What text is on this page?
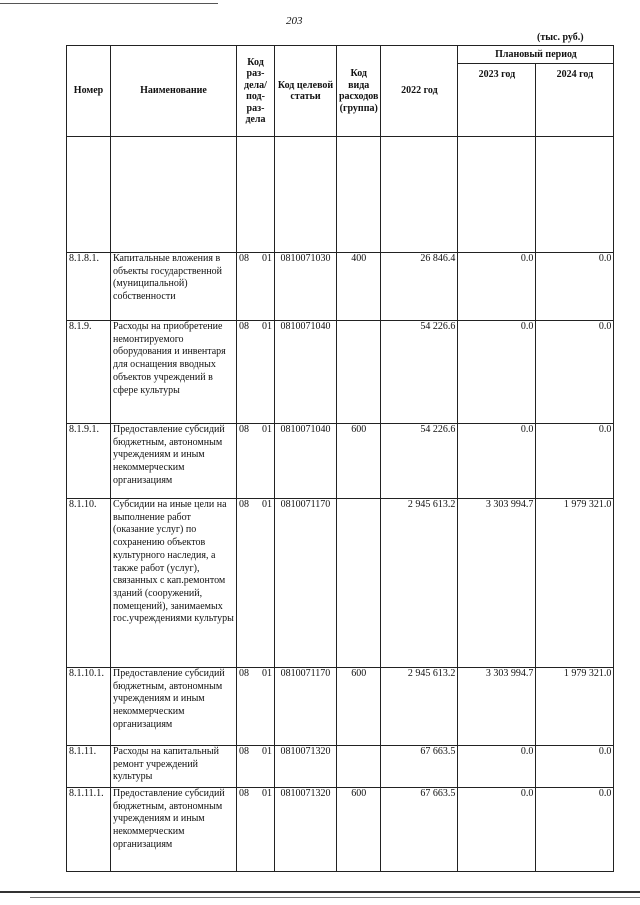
203
(тыс. руб.)
Номер	Наименование	Код раз-дела/ под-раз-дела	Код целевой статьи	Код вида расходов (группа)	2022 год	Плановый период	
						2023 год	2024 год

8.1.8.1.	Капитальные вложения в объекты государственной (муниципальной) собственности	08 01	0810071030	400	26 846.4	0.0	0.0
8.1.9.	Расходы на приобретение немонтируемого оборудования и инвентаря для оснащения вводных объектов учреждений в сфере культуры	08 01	0810071040		54 226.6	0.0	0.0
8.1.9.1.	Предоставление субсидий бюджетным, автономным учреждениям и иным некоммерческим организациям	08 01	0810071040	600	54 226.6	0.0	0.0
8.1.10.	Субсидии на иные цели на выполнение работ (оказание услуг) по сохранению объектов культурного наследия, а также работ (услуг), связанных с кап.ремонтом зданий (сооружений, помещений), занимаемых гос.учреждениями культуры	08 01	0810071170		2 945 613.2	3 303 994.7	1 979 321.0
8.1.10.1.	Предоставление субсидий бюджетным, автономным учреждениям и иным некоммерческим организациям	08 01	0810071170	600	2 945 613.2	3 303 994.7	1 979 321.0
8.1.11.	Расходы на капитальный ремонт учреждений культуры	08 01	0810071320		67 663.5	0.0	0.0
8.1.11.1.	Предоставление субсидий бюджетным, автономным учреждениям и иным некоммерческим организациям	08 01	0810071320	600	67 663.5	0.0	0.0
